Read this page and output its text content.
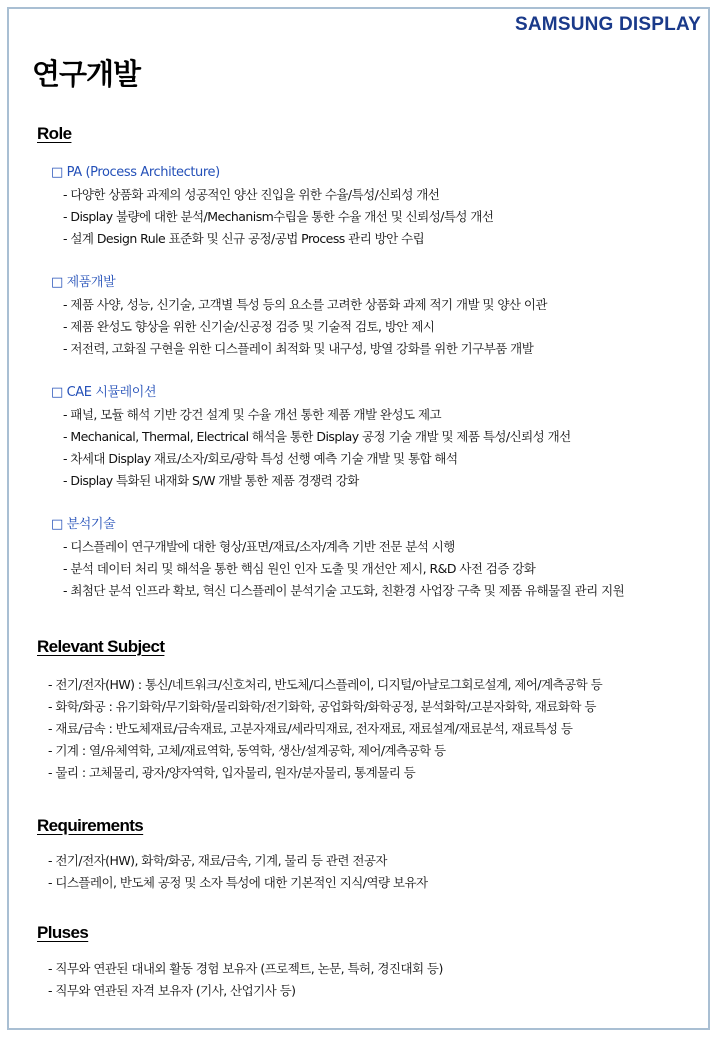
SAMSUNG DISPLAY
연구개발
Role
□ PA (Process Architecture)
- 다양한 상품화 과제의 성공적인 양산 진입을 위한 수율/특성/신뢰성 개선
- Display 불량에 대한 분석/Mechanism수립을 통한 수율 개선 및 신뢰성/특성 개선
- 설계 Design Rule 표준화 및 신규 공정/공법 Process 관리 방안 수립
□ 제품개발
- 제품 사양, 성능, 신기술, 고객별 특성 등의 요소를 고려한 상품화 과제 적기 개발 및 양산 이관
- 제품 완성도 향상을 위한 신기술/신공정 검증 및 기술적 검토, 방안 제시
- 저전력, 고화질 구현을 위한 디스플레이 최적화 및 내구성, 방열 강화를 위한 기구부품 개발
□ CAE 시뮬레이션
- 패널, 모듈 해석 기반 강건 설계 및 수율 개선 통한 제품 개발 완성도 제고
- Mechanical, Thermal, Electrical 해석을 통한 Display 공정 기술 개발 및 제품 특성/신뢰성 개선
- 차세대 Display 재료/소자/회로/광학 특성 선행 예측 기술 개발 및 통합 해석
- Display 특화된 내재화 S/W 개발 통한 제품 경쟁력 강화
□ 분석기술
- 디스플레이 연구개발에 대한 형상/표면/재료/소자/계측 기반 전문 분석 시행
- 분석 데이터 처리 및 해석을 통한 핵심 원인 인자 도출 및 개선안 제시, R&D 사전 검증 강화
- 최첨단 분석 인프라 확보, 혁신 디스플레이 분석기술 고도화, 친환경 사업장 구축 및 제품 유해물질 관리 지원
Relevant Subject
- 전기/전자(HW) : 통신/네트워크/신호처리, 반도체/디스플레이, 디지털/아날로그회로설계, 제어/계측공학 등
- 화학/화공 : 유기화학/무기화학/물리화학/전기화학, 공업화학/화학공정, 분석화학/고분자화학, 재료화학 등
- 재료/금속 : 반도체재료/금속재료, 고분자재료/세라믹재료, 전자재료, 재료설계/재료분석, 재료특성 등
- 기계 : 열/유체역학, 고체/재료역학, 동역학, 생산/설계공학, 제어/계측공학 등
- 물리 : 고체물리, 광자/양자역학, 입자물리, 원자/분자물리, 통계물리 등
Requirements
- 전기/전자(HW), 화학/화공, 재료/금속, 기계, 물리 등 관련 전공자
- 디스플레이, 반도체 공정 및 소자 특성에 대한 기본적인 지식/역량 보유자
Pluses
- 직무와 연관된 대내외 활동 경험 보유자 (프로젝트, 논문, 특허, 경진대회 등)
- 직무와 연관된 자격 보유자 (기사, 산업기사 등)
